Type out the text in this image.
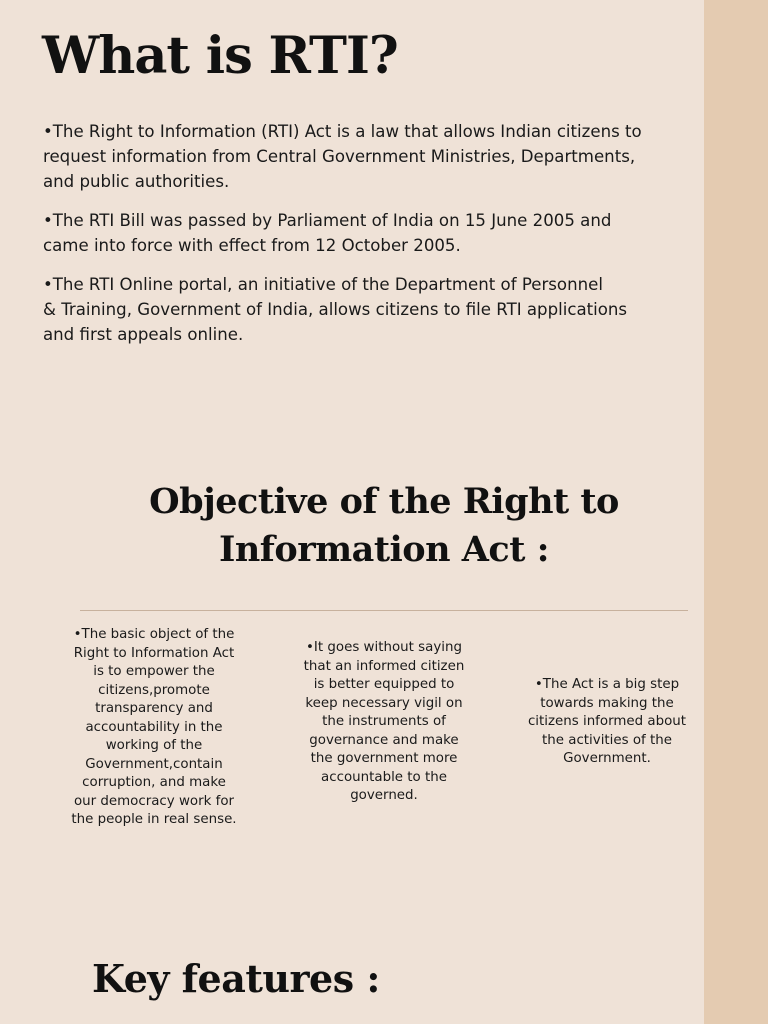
What is RTI?

•The Right to Information (RTI) Act is a law that allows Indian citizens to
request information from Central Government Ministries, Departments,
and public authorities.

•The RTI Bill was passed by Parliament of India on 15 June 2005 and
came into force with effect from 12 October 2005.

•The RTI Online portal, an initiative of the Department of Personnel
& Training, Government of India, allows citizens to file RTI applications
and first appeals online.

Objective of the Right to
Information Act :
•The basic object of the
Right to Information Act
is to empower the
citizens,promote
transparency and
accountability in the
working of the
Government,contain
corruption, and make
our democracy work for
the people in real sense.
•It goes without saying
that an informed citizen
is better equipped to
keep necessary vigil on
the instruments of
governance and make
the government more
accountable to the
governed.
•The Act is a big step
towards making the
citizens informed about
the activities of the
Government.
Key features :
